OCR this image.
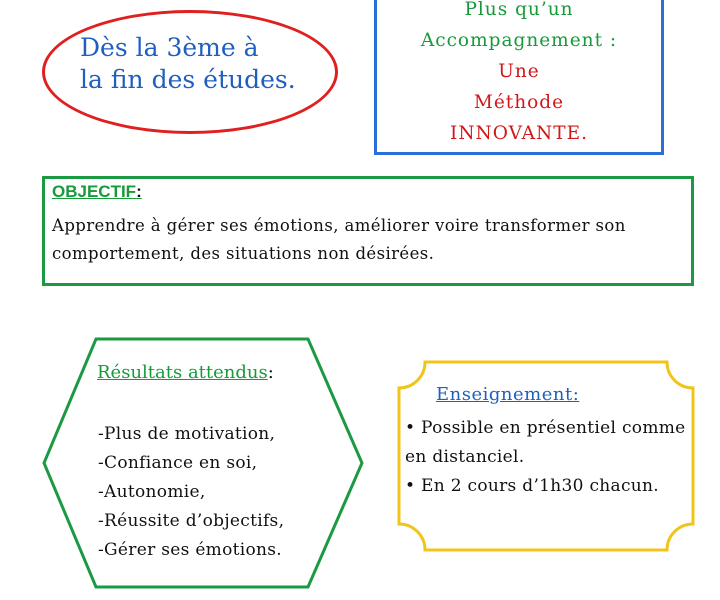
Dès la 3ème à
la fin des études.
Plus qu’un
Accompagnement :
Une
Méthode
INNOVANTE.
OBJECTIF:
Apprendre à gérer ses émotions, améliorer voire transformer son comportement, des situations non désirées.
Résultats attendus:
-Plus de motivation,
-Confiance en soi,
-Autonomie,
-Réussite d’objectifs,
-Gérer ses émotions.
Enseignement:
• Possible en présentiel comme en distanciel.
• En 2 cours d’1h30 chacun.
